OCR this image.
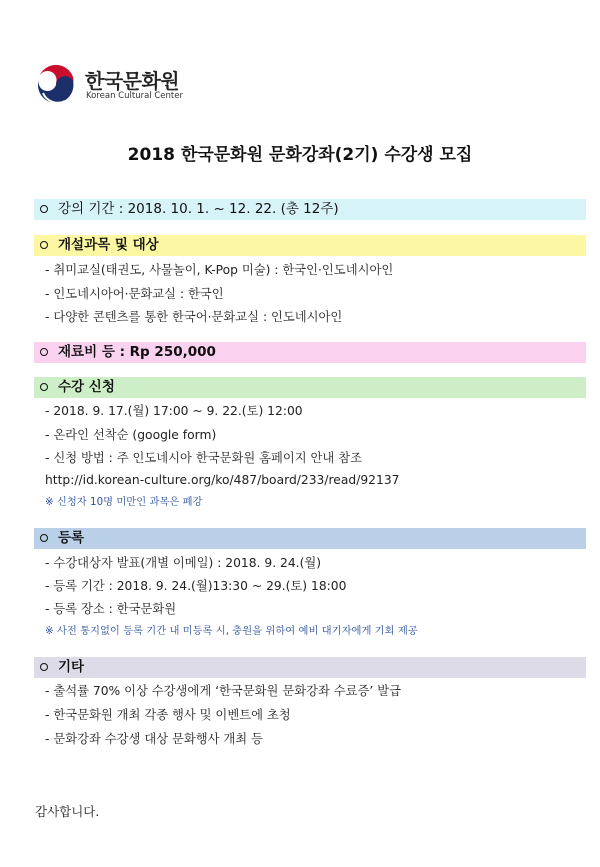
한국문화원
Korean Cultural Center
2018 한국문화원 문화강좌(2기) 수강생 모집
강의 기간 : 2018. 10. 1. ~ 12. 22. (총 12주)
개설과목 및 대상
- 취미교실(태권도, 사물놀이, K-Pop 미술) : 한국인·인도네시아인
- 인도네시아어·문화교실 : 한국인
- 다양한 콘텐츠를 통한 한국어·문화교실 : 인도네시아인
재료비 등 : Rp 250,000
수강 신청
- 2018. 9. 17.(월) 17:00 ~ 9. 22.(토) 12:00
- 온라인 선착순 (google form)
- 신청 방법 : 주 인도네시아 한국문화원 홈페이지 안내 참조
http://id.korean-culture.org/ko/487/board/233/read/92137
※ 신청자 10명 미만인 과목은 폐강
등록
- 수강대상자 발표(개별 이메일) : 2018. 9. 24.(월)
- 등록 기간 : 2018. 9. 24.(월)13:30 ~ 29.(토) 18:00
- 등록 장소 : 한국문화원
※ 사전 통지없이 등록 기간 내 미등록 시, 충원을 위하여 예비 대기자에게 기회 제공
기타
- 출석률 70% 이상 수강생에게 ‘한국문화원 문화강좌 수료증’ 발급
- 한국문화원 개최 각종 행사 및 이벤트에 초청
- 문화강좌 수강생 대상 문화행사 개최 등
감사합니다.
